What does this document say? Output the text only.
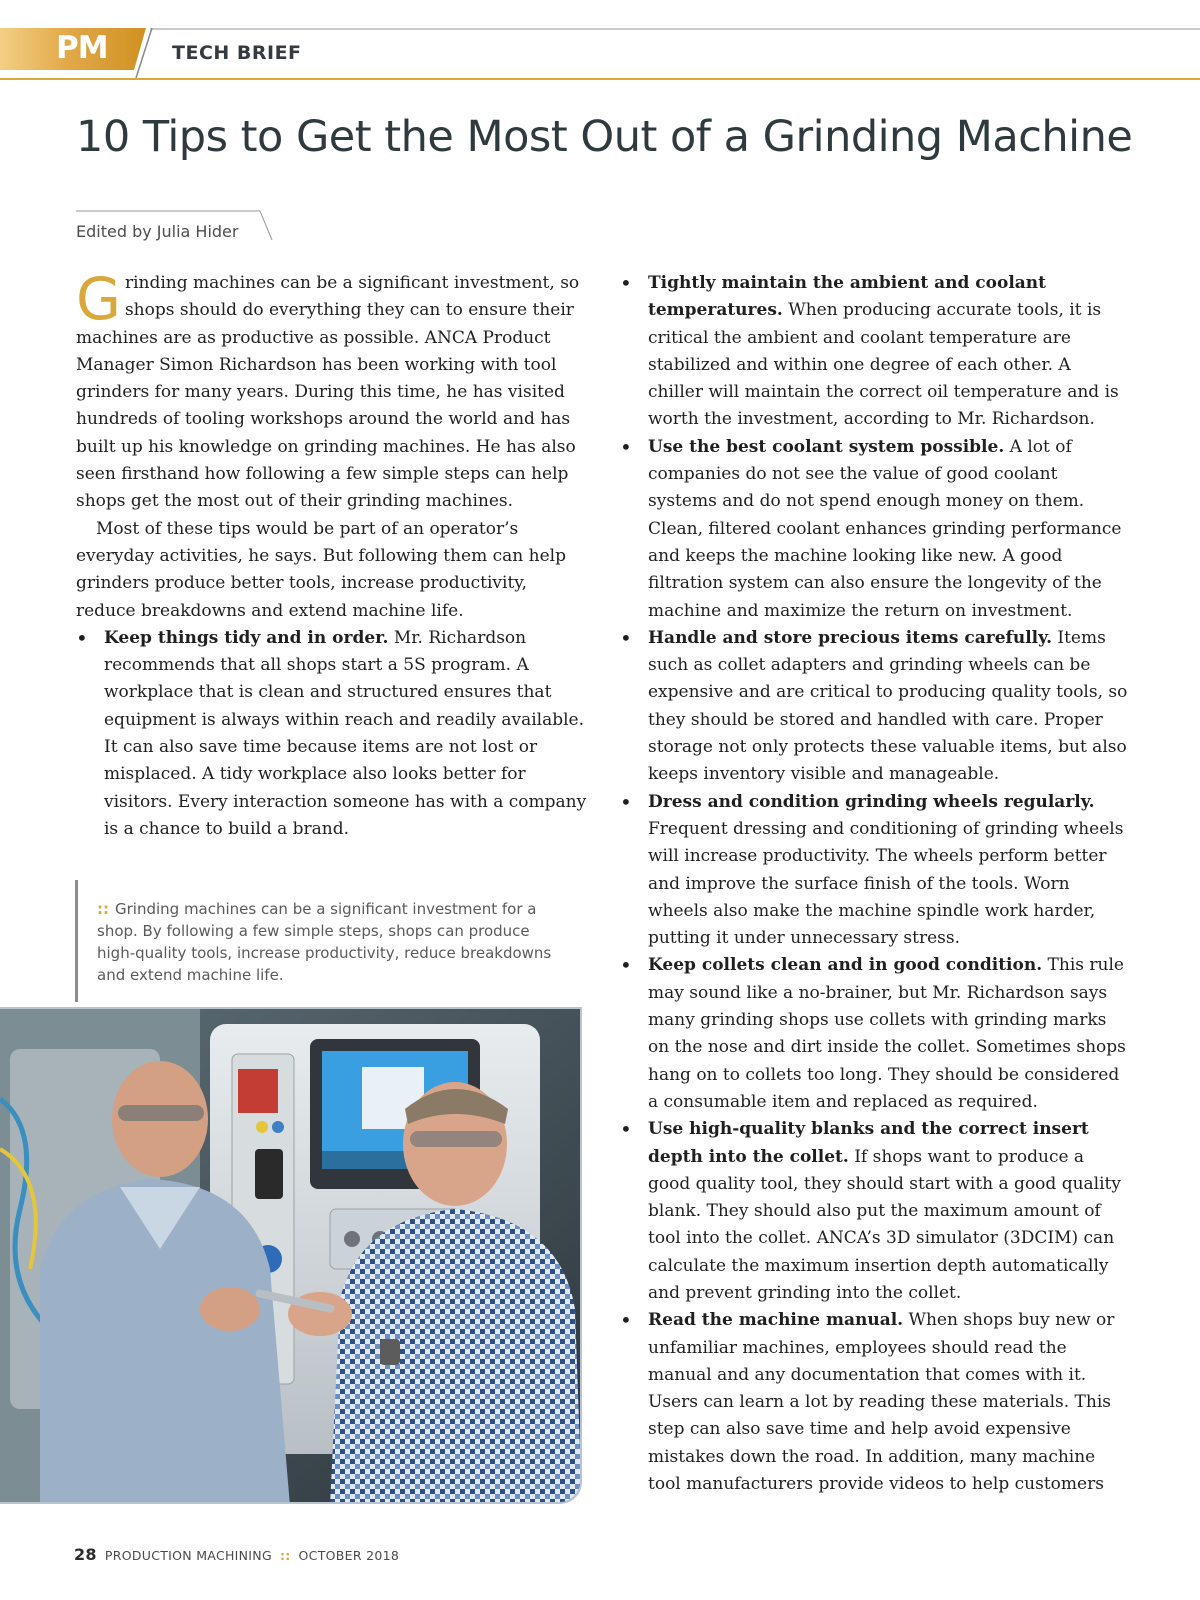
PM	TECH BRIEF
10 Tips to Get the Most Out of a Grinding Machine
Edited by Julia Hider

Grinding machines can be a significant investment, so shops should do everything they can to ensure their machines are as productive as possible. ANCA Product Manager Simon Richardson has been working with tool grinders for many years. During this time, he has visited hundreds of tooling workshops around the world and has built up his knowledge on grinding machines. He has also seen firsthand how following a few simple steps can help shops get the most out of their grinding machines.

Most of these tips would be part of an operator’s everyday activities, he says. But following them can help grinders produce better tools, increase productivity, reduce breakdowns and extend machine life.

• Keep things tidy and in order. Mr. Richardson recommends that all shops start a 5S program. A workplace that is clean and structured ensures that equipment is always within reach and readily available. It can also save time because items are not lost or misplaced. A tidy workplace also looks better for visitors. Every interaction someone has with a company is a chance to build a brand.
:: Grinding machines can be a significant investment for a shop. By following a few simple steps, shops can produce high-quality tools, increase productivity, reduce breakdowns and extend machine life.
• Tightly maintain the ambient and coolant temperatures. When producing accurate tools, it is critical the ambient and coolant temperature are stabilized and within one degree of each other. A chiller will maintain the correct oil temperature and is worth the investment, according to Mr. Richardson.
• Use the best coolant system possible. A lot of companies do not see the value of good coolant systems and do not spend enough money on them. Clean, filtered coolant enhances grinding performance and keeps the machine looking like new. A good filtration system can also ensure the longevity of the machine and maximize the return on investment.
• Handle and store precious items carefully. Items such as collet adapters and grinding wheels can be expensive and are critical to producing quality tools, so they should be stored and handled with care. Proper storage not only protects these valuable items, but also keeps inventory visible and manageable.
• Dress and condition grinding wheels regularly. Frequent dressing and conditioning of grinding wheels will increase productivity. The wheels perform better and improve the surface finish of the tools. Worn wheels also make the machine spindle work harder, putting it under unnecessary stress.
• Keep collets clean and in good condition. This rule may sound like a no-brainer, but Mr. Richardson says many grinding shops use collets with grinding marks on the nose and dirt inside the collet. Sometimes shops hang on to collets too long. They should be considered a consumable item and replaced as required.
• Use high-quality blanks and the correct insert depth into the collet. If shops want to produce a good quality tool, they should start with a good quality blank. They should also put the maximum amount of tool into the collet. ANCA’s 3D simulator (3DCIM) can calculate the maximum insertion depth automatically and prevent grinding into the collet.
• Read the machine manual. When shops buy new or unfamiliar machines, employees should read the manual and any documentation that comes with it. Users can learn a lot by reading these materials. This step can also save time and help avoid expensive mistakes down the road. In addition, many machine tool manufacturers provide videos to help customers
28 PRODUCTION MACHINING :: OCTOBER 2018
